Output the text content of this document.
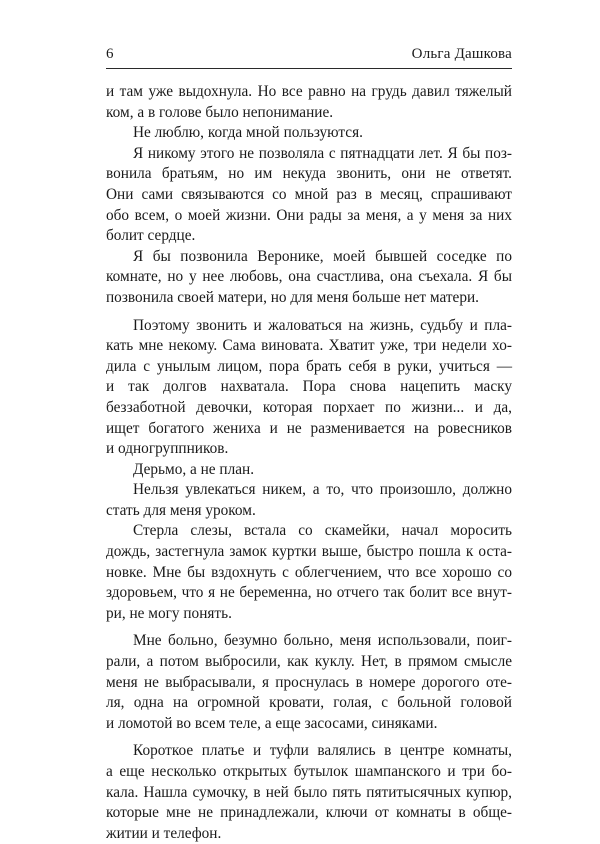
6	Ольга Дашкова
и там уже выдохнула. Но все равно на грудь давил тяжелый
ком, а в голове было непонимание.
Не люблю, когда мной пользуются.
Я никому этого не позволяла с пятнадцати лет. Я бы поз-
вонила братьям, но им некуда звонить, они не ответят.
Они сами связываются со мной раз в месяц, спрашивают
обо всем, о моей жизни. Они рады за меня, а у меня за них
болит сердце.
Я бы позвонила Веронике, моей бывшей соседке по
комнате, но у нее любовь, она счастлива, она съехала. Я бы
позвонила своей матери, но для меня больше нет матери.
Поэтому звонить и жаловаться на жизнь, судьбу и пла-
кать мне некому. Сама виновата. Хватит уже, три недели хо-
дила с унылым лицом, пора брать себя в руки, учиться —
и так долгов нахватала. Пора снова нацепить маску
беззаботной девочки, которая порхает по жизни... и да,
ищет богатого жениха и не разменивается на ровесников
и одногруппников.
Дерьмо, а не план.
Нельзя увлекаться никем, а то, что произошло, должно
стать для меня уроком.
Стерла слезы, встала со скамейки, начал моросить
дождь, застегнула замок куртки выше, быстро пошла к оста-
новке. Мне бы вздохнуть с облегчением, что все хорошо со
здоровьем, что я не беременна, но отчего так болит все внут-
ри, не могу понять.
Мне больно, безумно больно, меня использовали, поиг-
рали, а потом выбросили, как куклу. Нет, в прямом смысле
меня не выбрасывали, я проснулась в номере дорогого оте-
ля, одна на огромной кровати, голая, с больной головой
и ломотой во всем теле, а еще засосами, синяками.
Короткое платье и туфли валялись в центре комнаты,
а еще несколько открытых бутылок шампанского и три бо-
кала. Нашла сумочку, в ней было пять пятитысячных купюр,
которые мне не принадлежали, ключи от комнаты в обще-
житии и телефон.
